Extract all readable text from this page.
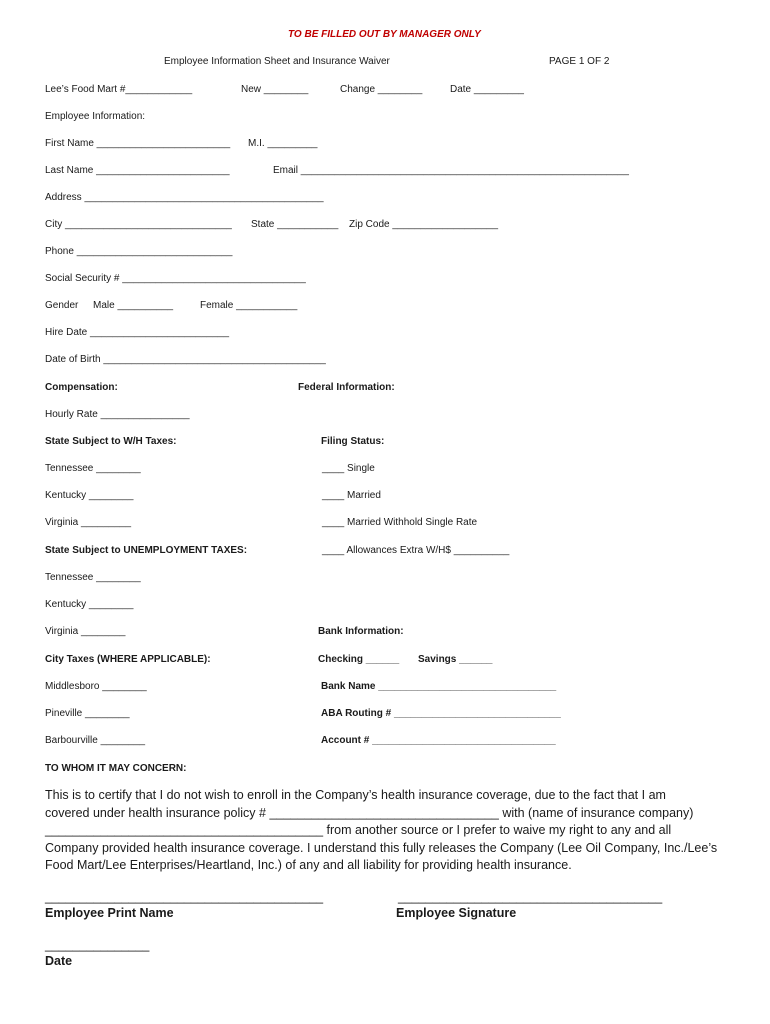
TO BE FILLED OUT BY MANAGER ONLY
Employee Information Sheet and Insurance Waiver	PAGE 1 OF 2
Lee’s Food Mart #____________	New ________	Change ________	Date _________
Employee Information:
First Name ________________________ M.I. _________
Last Name ________________________	Email ___________________________________________________________
Address ___________________________________________
City ______________________________ State ___________ Zip Code ___________________
Phone ____________________________
Social Security # _________________________________
Gender Male __________	Female ___________
Hire Date _________________________
Date of Birth ________________________________________
Compensation:	Federal Information:
Hourly Rate ________________
State Subject to W/H Taxes:	Filing Status:
Tennessee ________	____ Single
Kentucky ________	____ Married
Virginia _________	____ Married Withhold Single Rate
State Subject to UNEMPLOYMENT TAXES:	____ Allowances Extra W/H$ __________
Tennessee ________
Kentucky ________
Virginia ________	Bank Information:
City Taxes (WHERE APPLICABLE):	Checking ______ Savings ______
Middlesboro ________	Bank Name ________________________________
Pineville ________	ABA Routing # ______________________________
Barbourville ________	Account # _________________________________
TO WHOM IT MAY CONCERN:
This is to certify that I do not wish to enroll in the Company’s health insurance coverage, due to the fact that I am
covered under health insurance policy # _________________________________ with (name of insurance company)
________________________________________ from another source or I prefer to waive my right to any and all
Company provided health insurance coverage. I understand this fully releases the Company (Lee Oil Company, Inc./Lee’s
Food Mart/Lee Enterprises/Heartland, Inc.) of any and all liability for providing health insurance.
________________________________________
Employee Print Name
______________________________________
Employee Signature
_______________
Date
